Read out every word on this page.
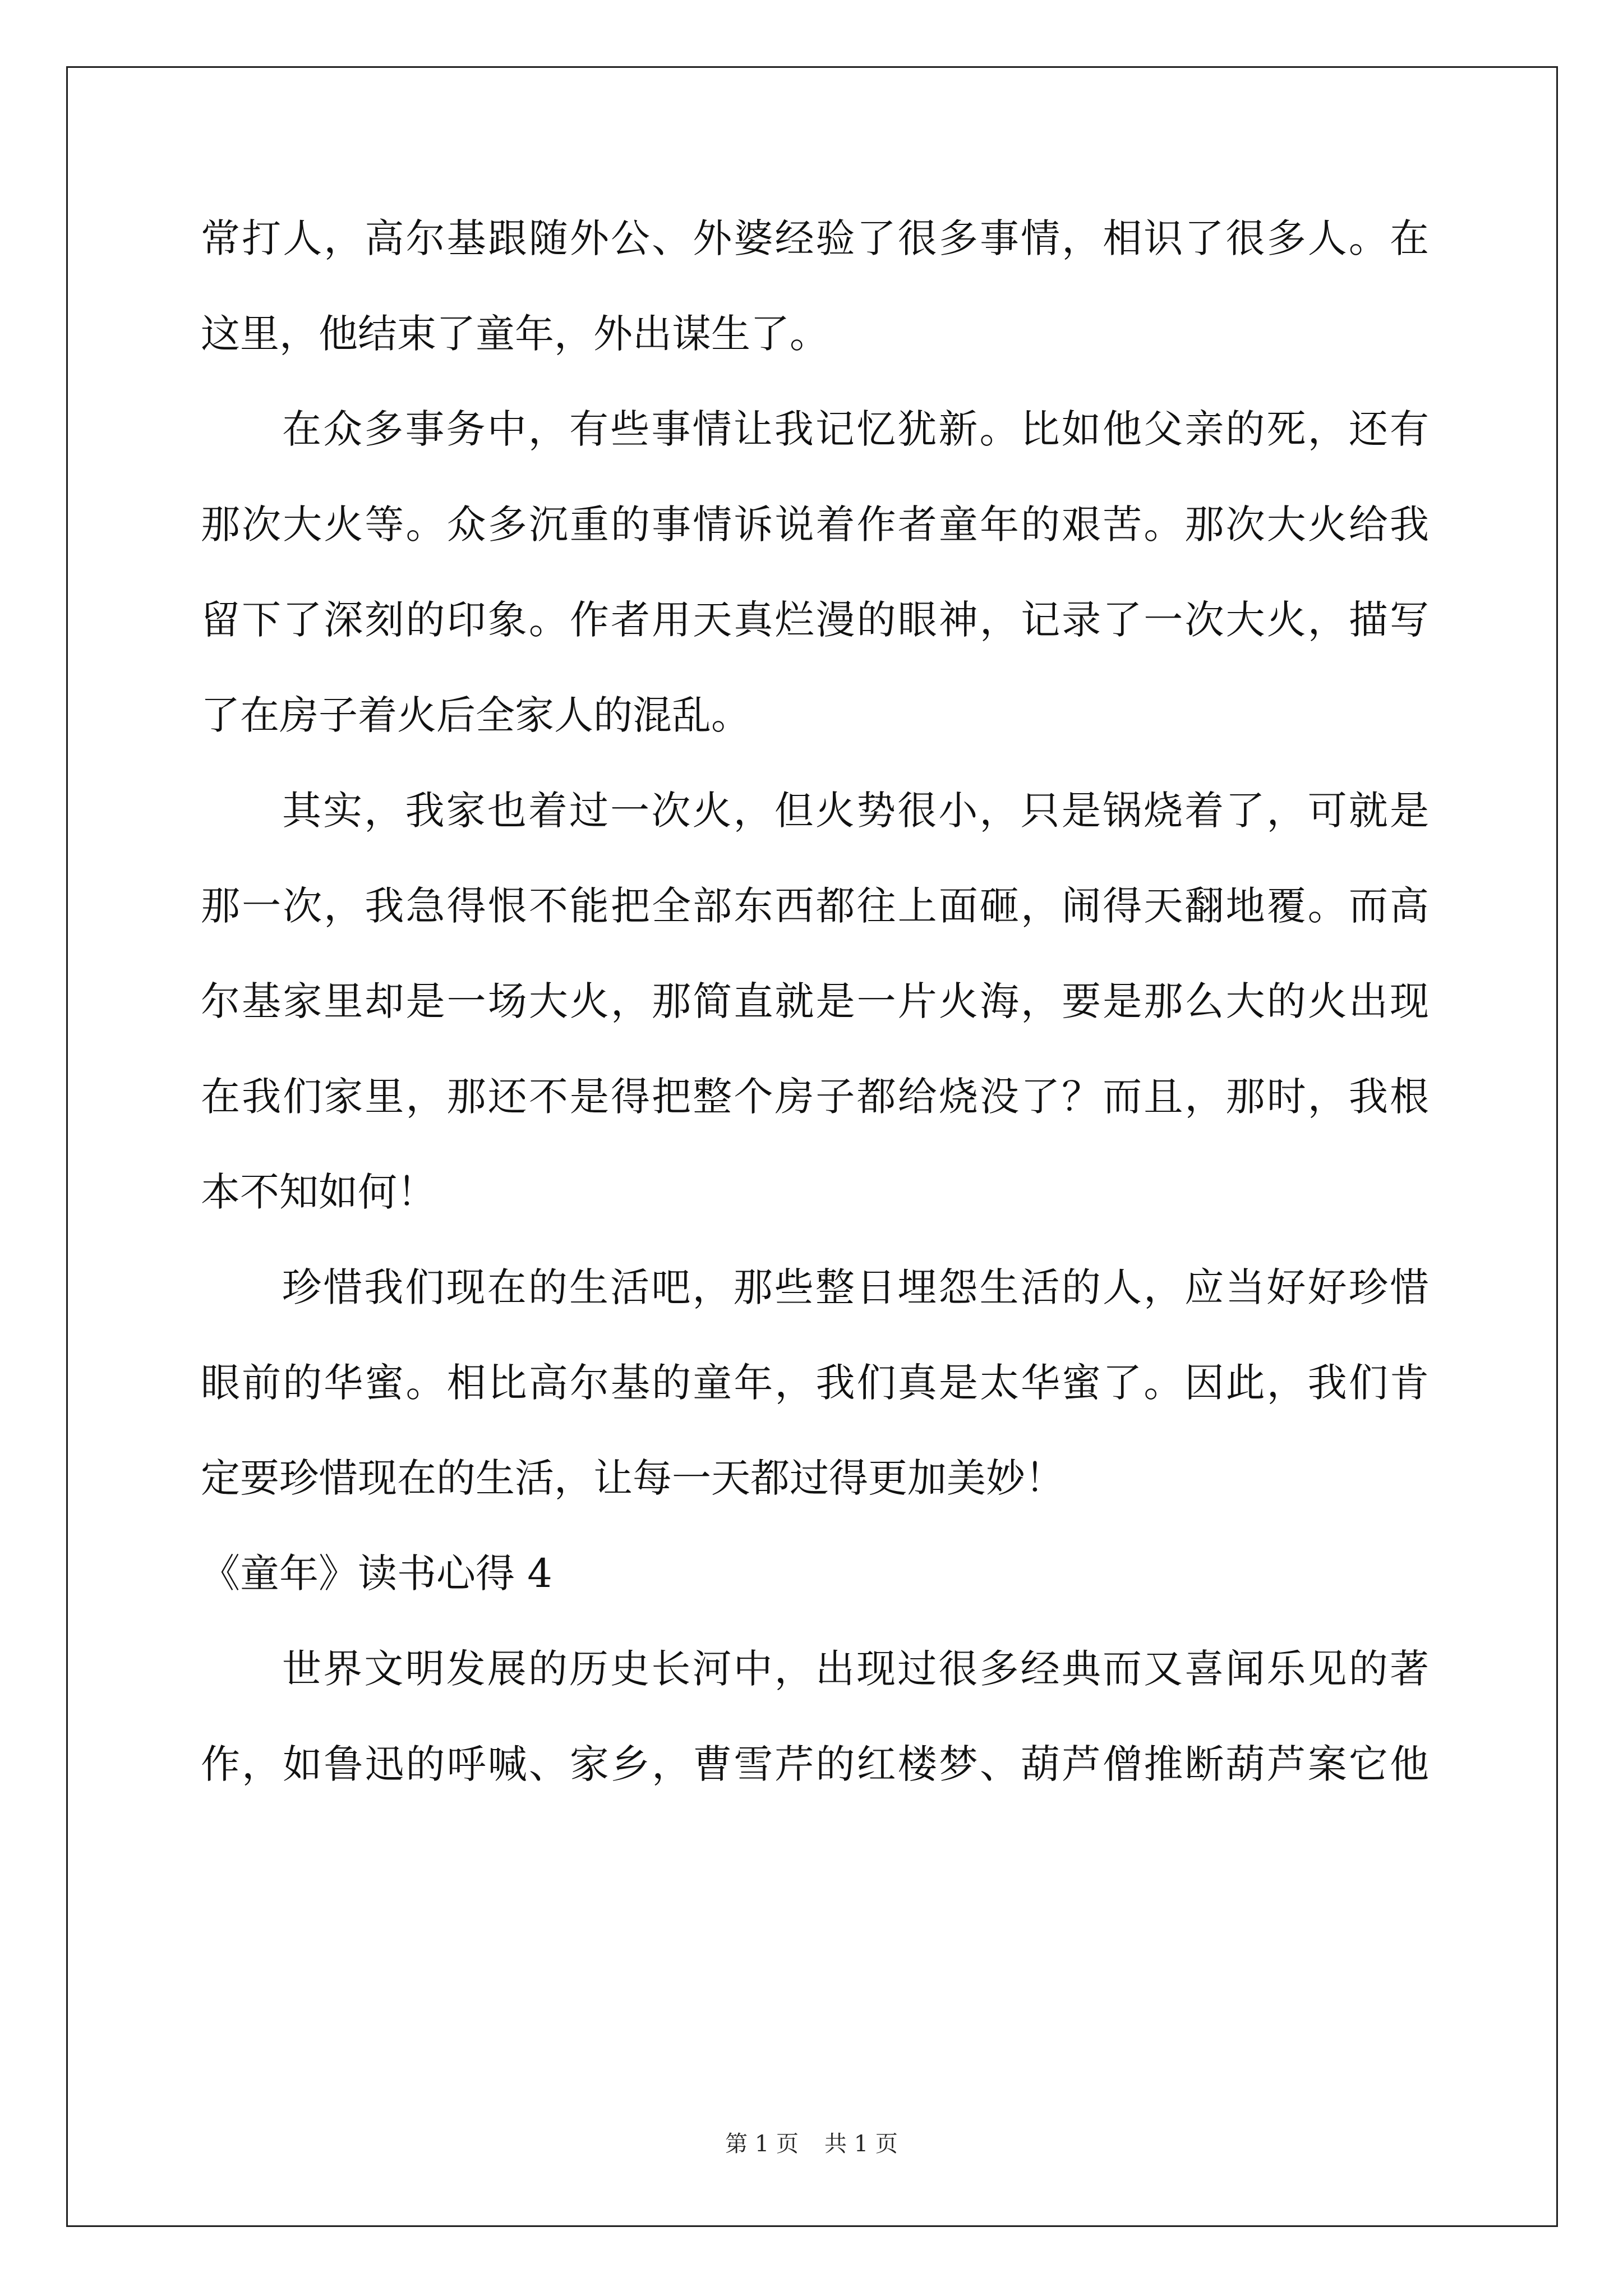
常打人，高尔基跟随外公、外婆经验了很多事情，相识了很多人。在
这里，他结束了童年，外出谋生了。
在众多事务中，有些事情让我记忆犹新。比如他父亲的死，还有
那次大火等。众多沉重的事情诉说着作者童年的艰苦。那次大火给我
留下了深刻的印象。作者用天真烂漫的眼神，记录了一次大火，描写
了在房子着火后全家人的混乱。
其实，我家也着过一次火，但火势很小，只是锅烧着了，可就是
那一次，我急得恨不能把全部东西都往上面砸，闹得天翻地覆。而高
尔基家里却是一场大火，那简直就是一片火海，要是那么大的火出现
在我们家里，那还不是得把整个房子都给烧没了？而且，那时，我根
本不知如何！
珍惜我们现在的生活吧，那些整日埋怨生活的人，应当好好珍惜
眼前的华蜜。相比高尔基的童年，我们真是太华蜜了。因此，我们肯
定要珍惜现在的生活，让每一天都过得更加美妙！
《童年》读书心得 4
世界文明发展的历史长河中，出现过很多经典而又喜闻乐见的著
作，如鲁迅的呼喊、家乡，曹雪芹的红楼梦、葫芦僧推断葫芦案它他
第 1 页 共 1 页
